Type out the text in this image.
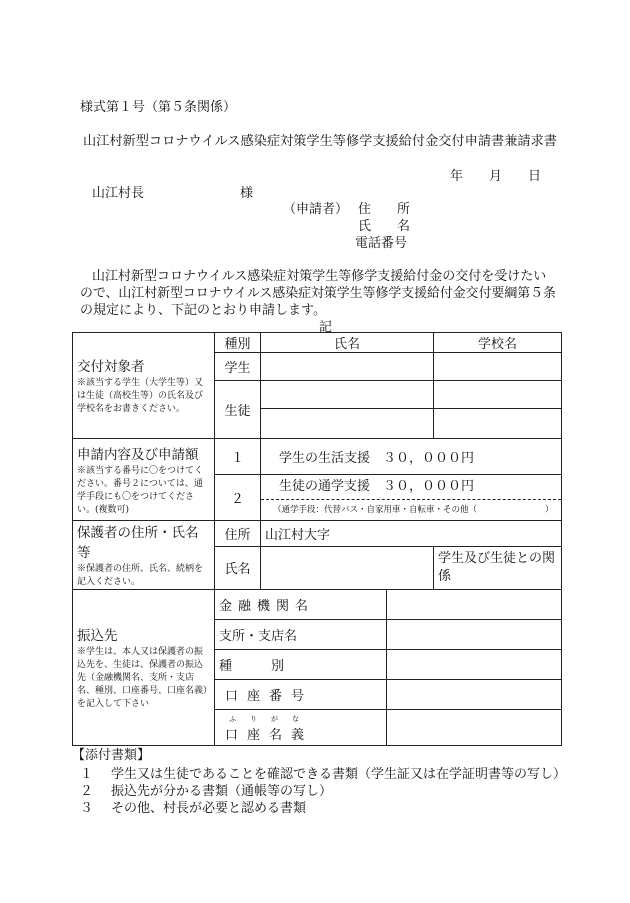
様式第１号（第５条関係）
山江村新型コロナウイルス感染症対策学生等修学支援給付金交付申請書兼請求書
年 月 日
山江村長	様
（申請者） 住　　所
氏　　名
電話番号
山江村新型コロナウイルス感染症対策学生等修学支援給付金の交付を受けたい
ので、山江村新型コロナウイルス感染症対策学生等修学支援給付金交付要綱第５条
の規定により、下記のとおり申請します。
記
交付対象者
※該当する学生（大学生等）又は生徒（高校生等）の氏名及び学校名をお書きください。	種別	氏名		学校名	
	学生				
	生徒				

申請内容及び申請額
※該当する番号に〇をつけてください。番号２については、通学手段にも〇をつけてください。(複数可)	１	学生の生活支援　３０，０００円			
	２	生徒の通学支援　３０，０００円
（通学手段：代替バス・自家用車・自転車・その他（　　　　　　　　）			

保護者の住所・氏名等
※保護者の住所、氏名、続柄を記入ください。	住所	山江村大字			
	氏名			学生及び生徒との関係	

振込先
※学生は、本人又は保護者の振込先を、生徒は、保護者の振込先（金融機関名、支所・支店名、種別、口座番号、口座名義）を記入して下さい	金融機関名				
	支所・支店名				
	種　　　別				
	口座番号				

	ふりがな
口座名義				
【添付書類】
１ 学生又は生徒であることを確認できる書類（学生証又は在学証明書等の写し）
２ 振込先が分かる書類（通帳等の写し）
３ その他、村長が必要と認める書類
